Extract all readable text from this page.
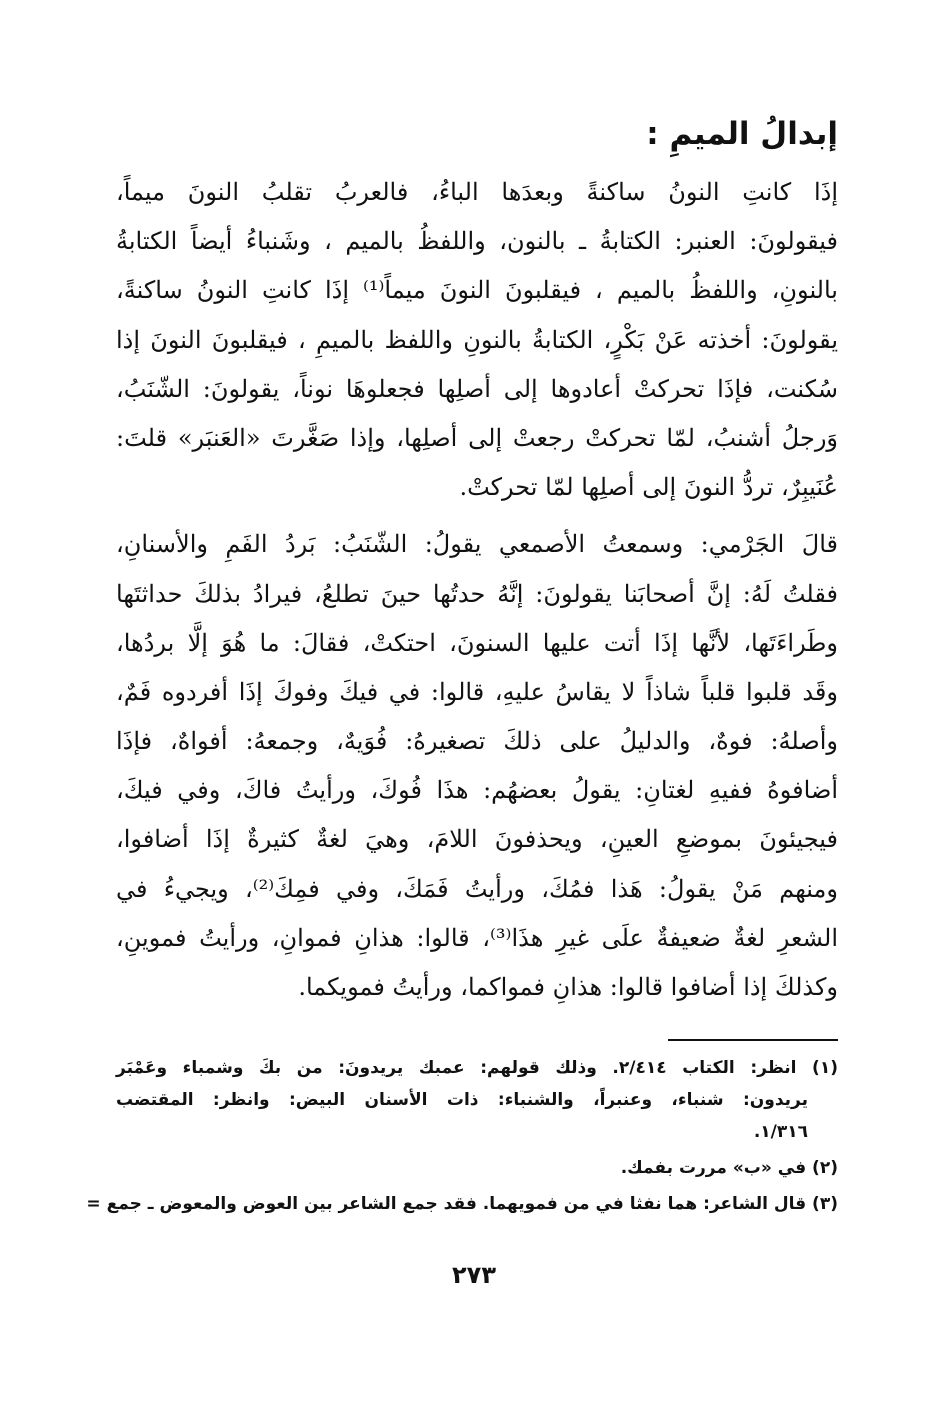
إبدالُ الميمِ :
إذَا كانتِ النونُ ساكنةً وبعدَها الباءُ، فالعربُ تقلبُ النونَ ميماً،
فيقولونَ: العنبر: الكتابةُ ـ بالنون، واللفظُ بالميم ، وشَنباءُ أيضاً الكتابةُ
بالنونِ، واللفظُ بالميم ، فيقلبونَ النونَ ميماً⁽¹⁾ إذَا كانتِ النونُ ساكنةً،
يقولونَ: أخذته عَنْ بَكْرٍ، الكتابةُ بالنونِ واللفظ بالميمِ ، فيقلبونَ النونَ إذا
سُكنت، فإذَا تحركتْ أعادوها إلى أصلِها فجعلوهَا نوناً، يقولونَ: الشّنَبُ،
وَرجلُ أشنبُ، لمّا تحركتْ رجعتْ إلى أصلِها، وإذا صَغَّرتَ «العَنبَر» قلتَ:
عُنَيبِرٌ، تردُّ النونَ إلى أصلِها لمّا تحركتْ.
قالَ الجَرْمي: وسمعتُ الأصمعي يقولُ: الشّنَبُ: بَردُ الفَمِ والأسنانِ،
فقلتُ لَهُ: إنَّ أصحابَنا يقولونَ: إنَّهُ حدتُها حينَ تطلعُ، فيرادُ بذلكَ حداثتَها
وطَراءَتَها، لأنَّها إذَا أتت عليها السنونَ، احتكتْ، فقالَ: ما هُوَ إلَّا بردُها،
وقَد قلبوا قلباً شاذاً لا يقاسُ عليهِ، قالوا: في فيكَ وفوكَ إذَا أفردوه فَمٌ،
وأصلهُ: فوهٌ، والدليلُ على ذلكَ تصغيرهُ: فُوَيهٌ، وجمعهُ: أفواهٌ، فإذَا
أضافوهُ ففيهِ لغتانِ: يقولُ بعضهُم: هذَا فُوكَ، ورأيتُ فاكَ، وفي فيكَ،
فيجيئونَ بموضعِ العينِ، ويحذفونَ اللامَ، وهيَ لغةٌ كثيرةٌ إذَا أضافوا،
ومنهم مَنْ يقولُ: هَذا فمُكَ، ورأيتُ فَمَكَ، وفي فمِكَ⁽²⁾، ويجيءُ في
الشعرِ لغةٌ ضعيفةٌ علَى غيرِ هذَا⁽³⁾، قالوا: هذانِ فموانِ، ورأيتُ فموينِ،
وكذلكَ إذا أضافوا قالوا: هذانِ فمواكما، ورأيتُ فمويكما.
(١) انظر: الكتاب ٢/٤١٤. وذلك قولهم: عمبك يريدونَ: من بكَ وشمباء وعَمْبَر
يريدون: شنباء، وعنبراً، والشنباء: ذات الأسنان البيض: وانظر: المقتضب
١/٣١٦.
(٢) في «ب» مررت بفمك.
(٣) قال الشاعر: هما نفثا في من فمويهما. فقد جمع الشاعر بين العوض والمعوض ـ جمع =
٢٧٣
